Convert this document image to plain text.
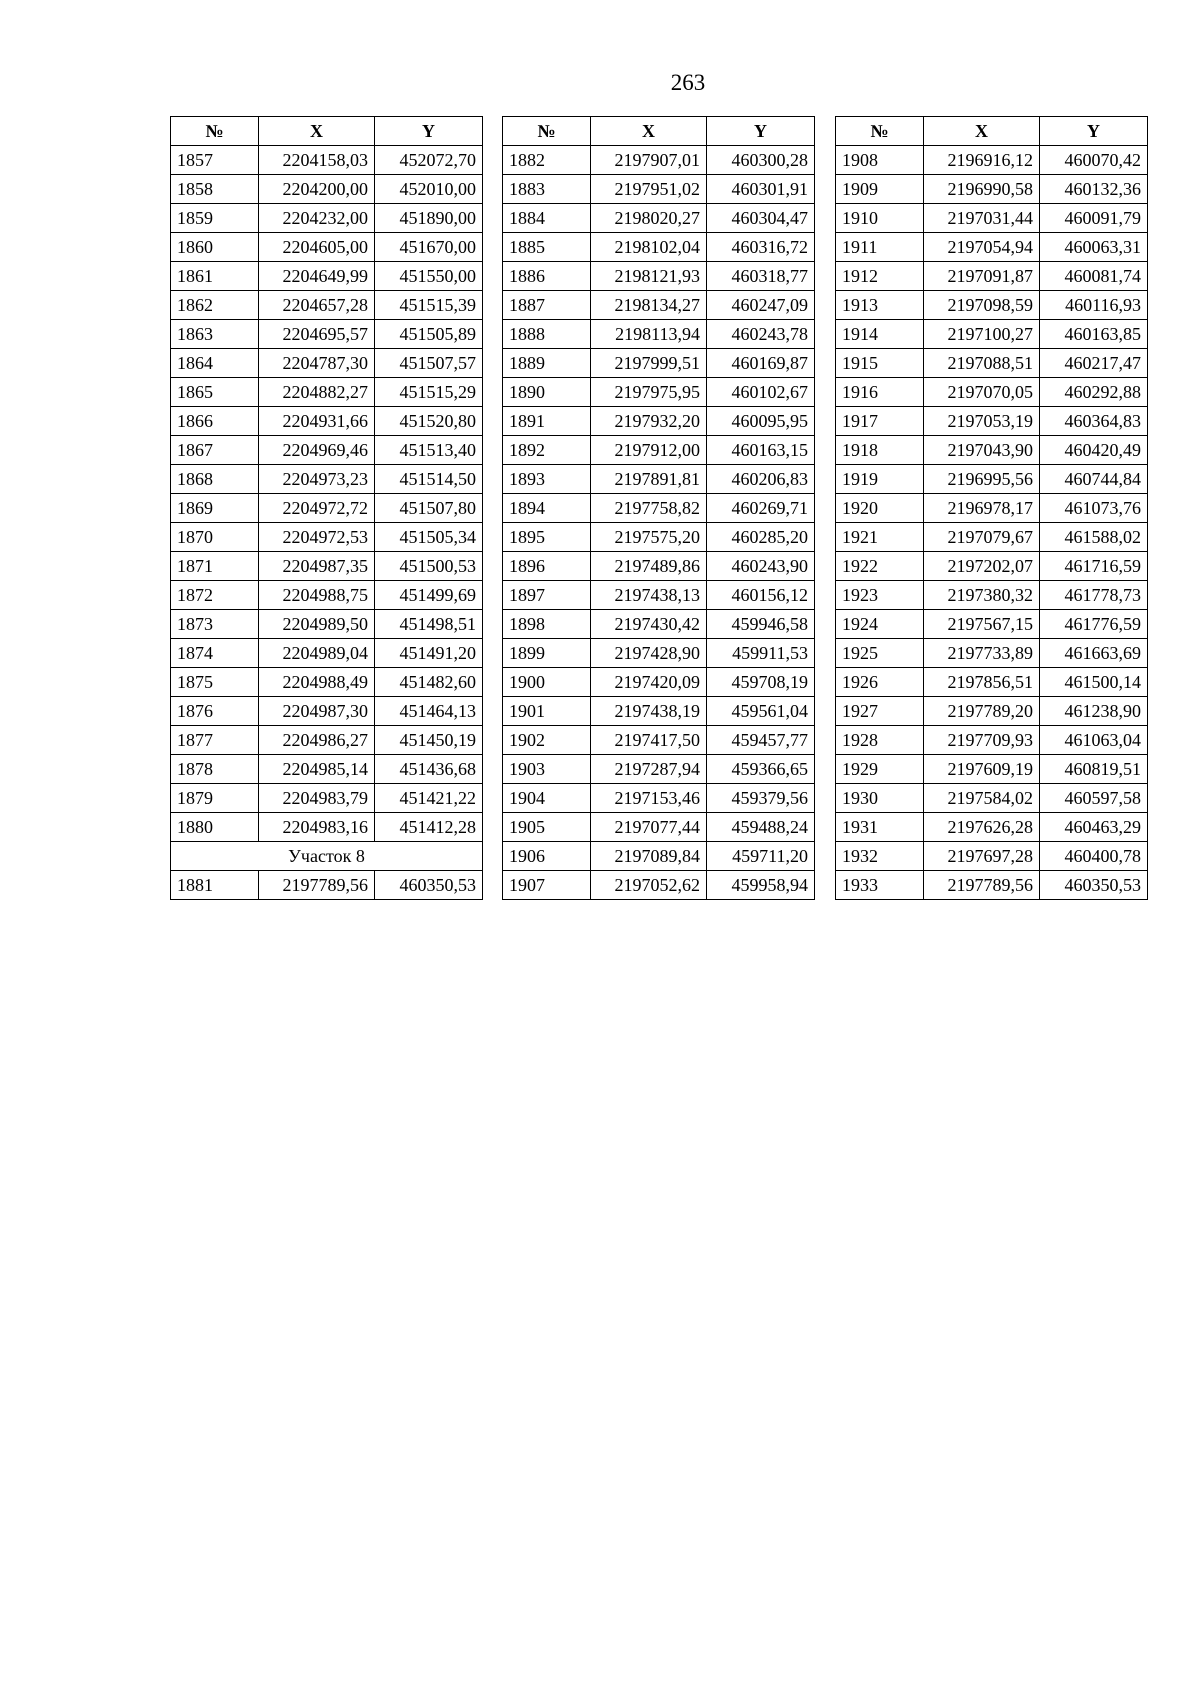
263
№	X	Y
1857	2204158,03	452072,70
1858	2204200,00	452010,00
1859	2204232,00	451890,00
1860	2204605,00	451670,00
1861	2204649,99	451550,00
1862	2204657,28	451515,39
1863	2204695,57	451505,89
1864	2204787,30	451507,57
1865	2204882,27	451515,29
1866	2204931,66	451520,80
1867	2204969,46	451513,40
1868	2204973,23	451514,50
1869	2204972,72	451507,80
1870	2204972,53	451505,34
1871	2204987,35	451500,53
1872	2204988,75	451499,69
1873	2204989,50	451498,51
1874	2204989,04	451491,20
1875	2204988,49	451482,60
1876	2204987,30	451464,13
1877	2204986,27	451450,19
1878	2204985,14	451436,68
1879	2204983,79	451421,22
1880	2204983,16	451412,28
Участок 8		
1881	2197789,56	460350,53
№	X	Y
1882	2197907,01	460300,28
1883	2197951,02	460301,91
1884	2198020,27	460304,47
1885	2198102,04	460316,72
1886	2198121,93	460318,77
1887	2198134,27	460247,09
1888	2198113,94	460243,78
1889	2197999,51	460169,87
1890	2197975,95	460102,67
1891	2197932,20	460095,95
1892	2197912,00	460163,15
1893	2197891,81	460206,83
1894	2197758,82	460269,71
1895	2197575,20	460285,20
1896	2197489,86	460243,90
1897	2197438,13	460156,12
1898	2197430,42	459946,58
1899	2197428,90	459911,53
1900	2197420,09	459708,19
1901	2197438,19	459561,04
1902	2197417,50	459457,77
1903	2197287,94	459366,65
1904	2197153,46	459379,56
1905	2197077,44	459488,24
1906	2197089,84	459711,20
1907	2197052,62	459958,94
№	X	Y
1908	2196916,12	460070,42
1909	2196990,58	460132,36
1910	2197031,44	460091,79
1911	2197054,94	460063,31
1912	2197091,87	460081,74
1913	2197098,59	460116,93
1914	2197100,27	460163,85
1915	2197088,51	460217,47
1916	2197070,05	460292,88
1917	2197053,19	460364,83
1918	2197043,90	460420,49
1919	2196995,56	460744,84
1920	2196978,17	461073,76
1921	2197079,67	461588,02
1922	2197202,07	461716,59
1923	2197380,32	461778,73
1924	2197567,15	461776,59
1925	2197733,89	461663,69
1926	2197856,51	461500,14
1927	2197789,20	461238,90
1928	2197709,93	461063,04
1929	2197609,19	460819,51
1930	2197584,02	460597,58
1931	2197626,28	460463,29
1932	2197697,28	460400,78
1933	2197789,56	460350,53
